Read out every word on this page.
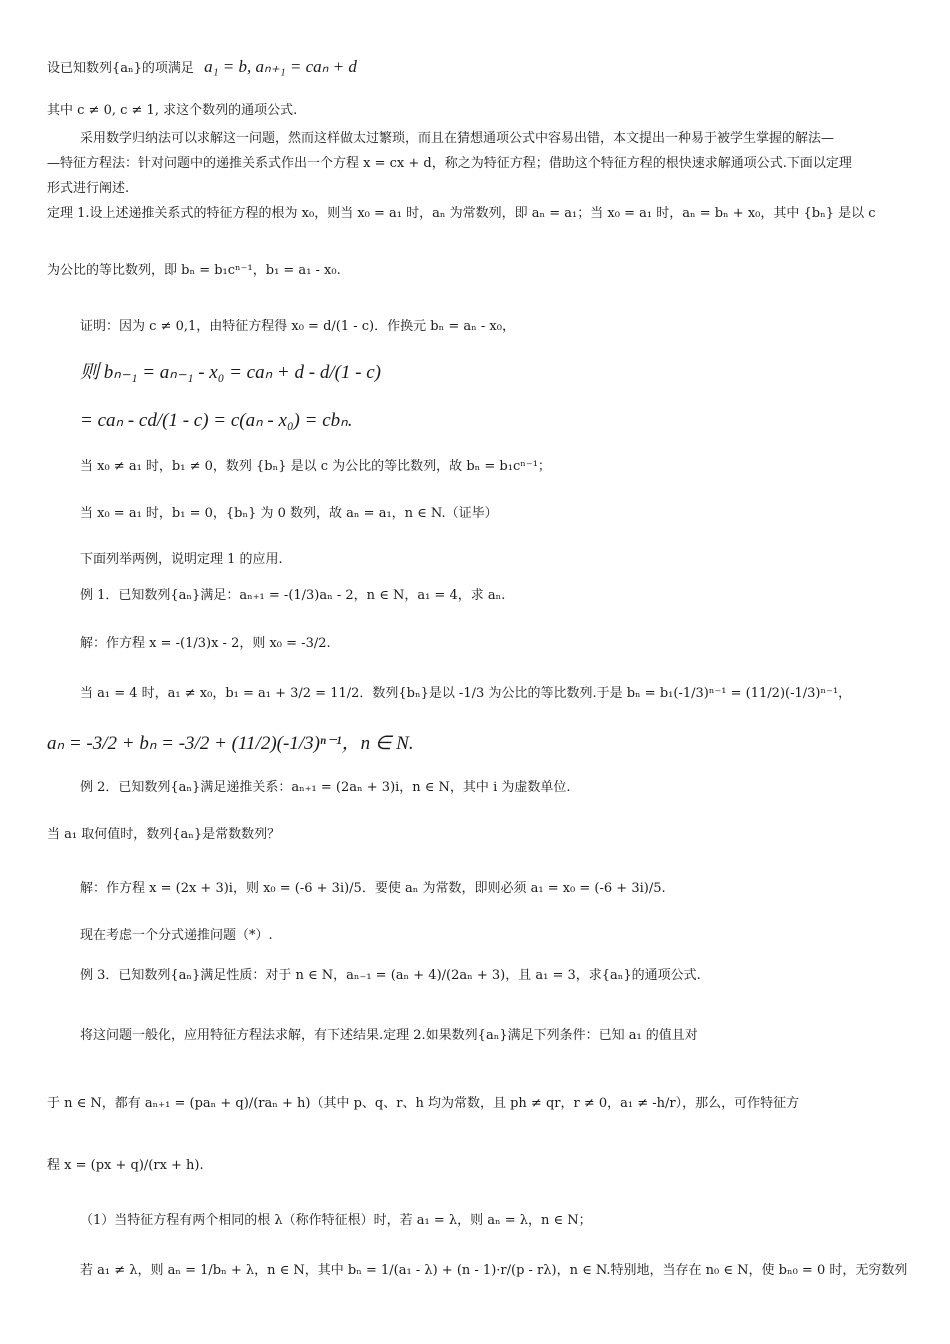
设已知数列{aₙ}的项满足 a₁ = b, aₙ₊₁ = caₙ + d
其中 c ≠ 0, c ≠ 1, 求这个数列的通项公式.
采用数学归纳法可以求解这一问题，然而这样做太过繁琐，而且在猜想通项公式中容易出错，本文提出一种易于被学生掌握的解法—
—特征方程法：针对问题中的递推关系式作出一个方程 x = cx + d，称之为特征方程；借助这个特征方程的根快速求解通项公式.下面以定理
形式进行阐述.
定理 1.设上述递推关系式的特征方程的根为 x₀，则当 x₀ = a₁ 时，aₙ 为常数列，即 aₙ = a₁；当 x₀ = a₁ 时，aₙ = bₙ + x₀，其中 {bₙ} 是以 c
为公比的等比数列，即 bₙ = b₁cⁿ⁻¹，b₁ = a₁ - x₀.
证明：因为 c ≠ 0,1，由特征方程得 x₀ = d/(1 - c)．作换元 bₙ = aₙ - x₀，
则 bₙ₋₁ = aₙ₋₁ - x₀ = caₙ + d - d/(1 - c)
= caₙ - cd/(1 - c) = c(aₙ - x₀) = cbₙ.
当 x₀ ≠ a₁ 时，b₁ ≠ 0，数列 {bₙ} 是以 c 为公比的等比数列，故 bₙ = b₁cⁿ⁻¹；
当 x₀ = a₁ 时，b₁ = 0，{bₙ} 为 0 数列，故 aₙ = a₁，n ∈ N.（证毕）
下面列举两例，说明定理 1 的应用.
例 1．已知数列{aₙ}满足：aₙ₊₁ = -(1/3)aₙ - 2，n ∈ N，a₁ = 4，求 aₙ.
解：作方程 x = -(1/3)x - 2，则 x₀ = -3/2.
当 a₁ = 4 时，a₁ ≠ x₀，b₁ = a₁ + 3/2 = 11/2．数列{bₙ}是以 -1/3 为公比的等比数列.于是 bₙ = b₁(-1/3)ⁿ⁻¹ = (11/2)(-1/3)ⁿ⁻¹，
aₙ = -3/2 + bₙ = -3/2 + (11/2)(-1/3)ⁿ⁻¹，n ∈ N.
例 2．已知数列{aₙ}满足递推关系：aₙ₊₁ = (2aₙ + 3)i，n ∈ N，其中 i 为虚数单位.
当 a₁ 取何值时，数列{aₙ}是常数数列？
解：作方程 x = (2x + 3)i，则 x₀ = (-6 + 3i)/5．要使 aₙ 为常数，即则必须 a₁ = x₀ = (-6 + 3i)/5.
现在考虑一个分式递推问题（*）.
例 3．已知数列{aₙ}满足性质：对于 n ∈ N，aₙ₋₁ = (aₙ + 4)/(2aₙ + 3)，且 a₁ = 3，求{aₙ}的通项公式.
将这问题一般化，应用特征方程法求解，有下述结果.定理 2.如果数列{aₙ}满足下列条件：已知 a₁ 的值且对
于 n ∈ N，都有 aₙ₊₁ = (paₙ + q)/(raₙ + h)（其中 p、q、r、h 均为常数，且 ph ≠ qr，r ≠ 0，a₁ ≠ -h/r），那么，可作特征方
程 x = (px + q)/(rx + h).
（1）当特征方程有两个相同的根 λ（称作特征根）时，若 a₁ = λ，则 aₙ = λ，n ∈ N；
若 a₁ ≠ λ，则 aₙ = 1/bₙ + λ，n ∈ N，其中 bₙ = 1/(a₁ - λ) + (n - 1)·r/(p - rλ)，n ∈ N.特别地，当存在 n₀ ∈ N，使 bₙ₀ = 0 时，无穷数列
